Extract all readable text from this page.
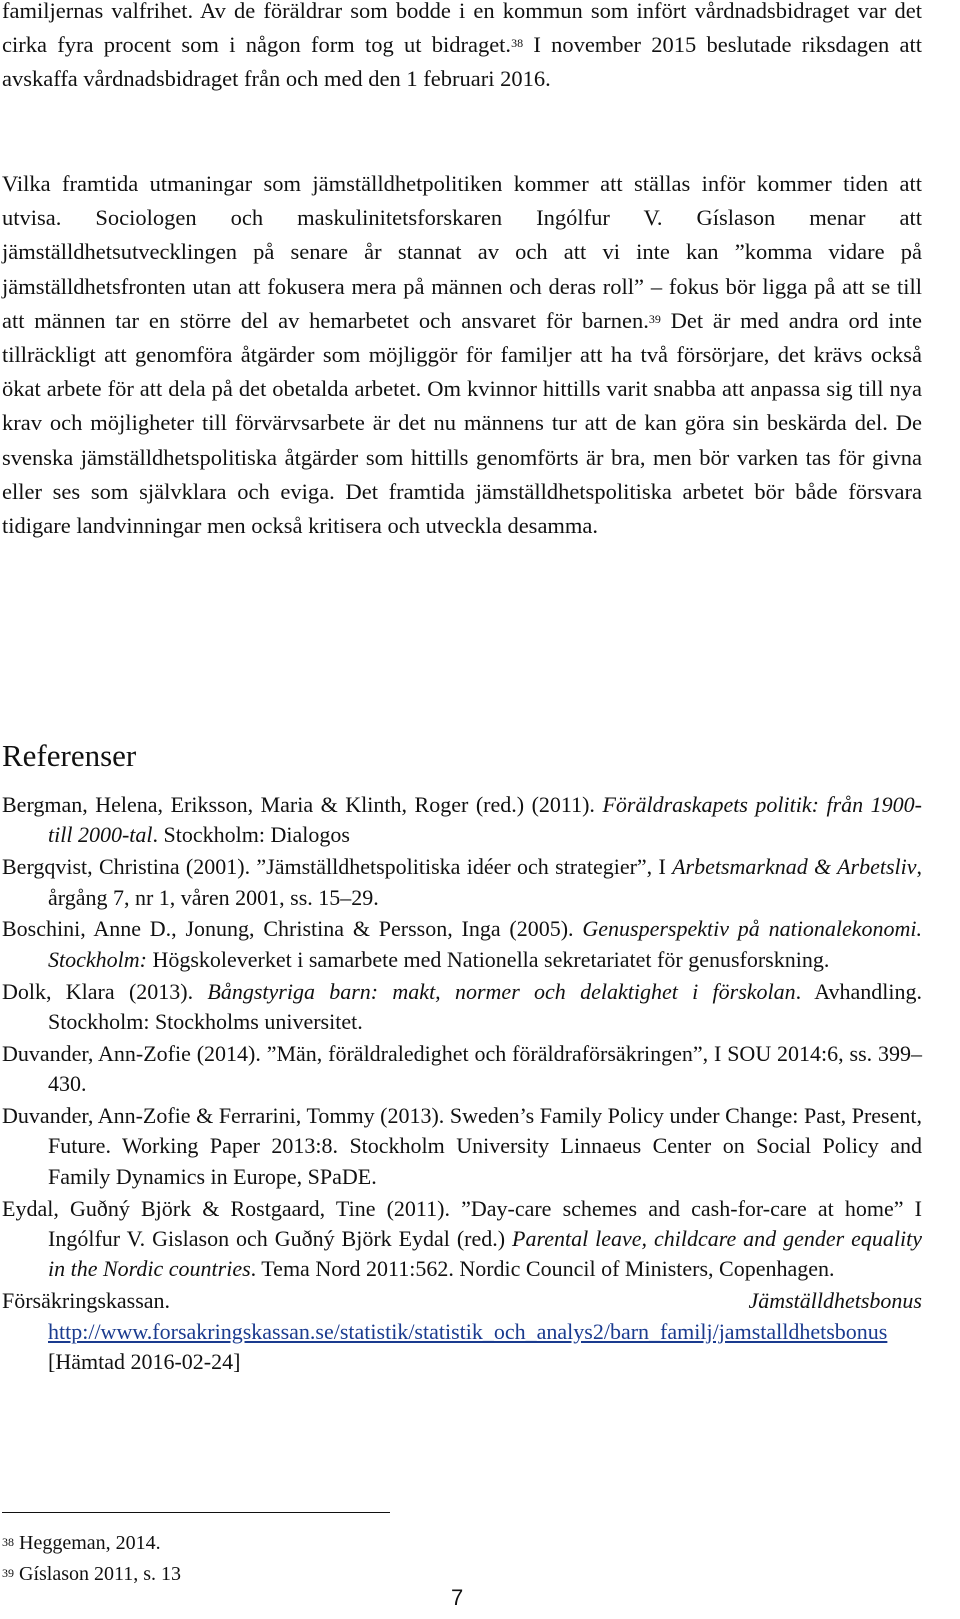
familjernas valfrihet. Av de föräldrar som bodde i en kommun som infört vårdnadsbidraget var det cirka fyra procent som i någon form tog ut bidraget.$^{38}$ I november 2015 beslutade riksdagen att avskaffa vårdnadsbidraget från och med den 1 februari 2016.

Vilka framtida utmaningar som jämställdhetpolitiken kommer att ställas inför kommer tiden att utvisa. Sociologen och maskulinitetsforskaren Ingólfur V. Gíslason menar att jämställdhetsutvecklingen på senare år stannat av och att vi inte kan ”komma vidare på jämställdhetsfronten utan att fokusera mera på männen och deras roll” – fokus bör ligga på att se till att männen tar en större del av hemarbetet och ansvaret för barnen.$^{39}$ Det är med andra ord inte tillräckligt att genomföra åtgärder som möjliggör för familjer att ha två försörjare, det krävs också ökat arbete för att dela på det obetalda arbetet. Om kvinnor hittills varit snabba att anpassa sig till nya krav och möjligheter till förvärvsarbete är det nu männens tur att de kan göra sin beskärda del. De svenska jämställdhetspolitiska åtgärder som hittills genomförts är bra, men bör varken tas för givna eller ses som självklara och eviga. Det framtida jämställdhetspolitiska arbetet bör både försvara tidigare landvinningar men också kritisera och utveckla desamma.

Referenser

Bergman, Helena, Eriksson, Maria & Klinth, Roger (red.) (2011). Föräldraskapets politik: från 1900- till 2000-tal. Stockholm: Dialogos

Bergqvist, Christina (2001). ”Jämställdhetspolitiska idéer och strategier”, I Arbetsmarknad & Arbetsliv, årgång 7, nr 1, våren 2001, ss. 15–29.

Boschini, Anne D., Jonung, Christina & Persson, Inga (2005). Genusperspektiv på nationalekonomi. Stockholm: Högskoleverket i samarbete med Nationella sekretariatet för genusforskning.

Dolk, Klara (2013). Bångstyriga barn: makt, normer och delaktighet i förskolan. Avhandling. Stockholm: Stockholms universitet.

Duvander, Ann-Zofie (2014). ”Män, föräldraledighet och föräldraförsäkringen”, I SOU 2014:6, ss. 399–430.

Duvander, Ann-Zofie & Ferrarini, Tommy (2013). Sweden’s Family Policy under Change: Past, Present, Future. Working Paper 2013:8. Stockholm University Linnaeus Center on Social Policy and Family Dynamics in Europe, SPaDE.

Eydal, Guðný Björk & Rostgaard, Tine (2011). ”Day-care schemes and cash-for-care at home” I Ingólfur V. Gislason och Guðný Björk Eydal (red.) Parental leave, childcare and gender equality in the Nordic countries. Tema Nord 2011:562. Nordic Council of Ministers, Copenhagen.

Försäkringskassan. Jämställdhetsbonus http://www.forsakringskassan.se/statistik/statistik_och_analys2/barn_familj/jamstalldhetsbonus [Hämtad 2016-02-24]

$^{38}$ Heggeman, 2014.

$^{39}$ Gíslason 2011, s. 13

7
